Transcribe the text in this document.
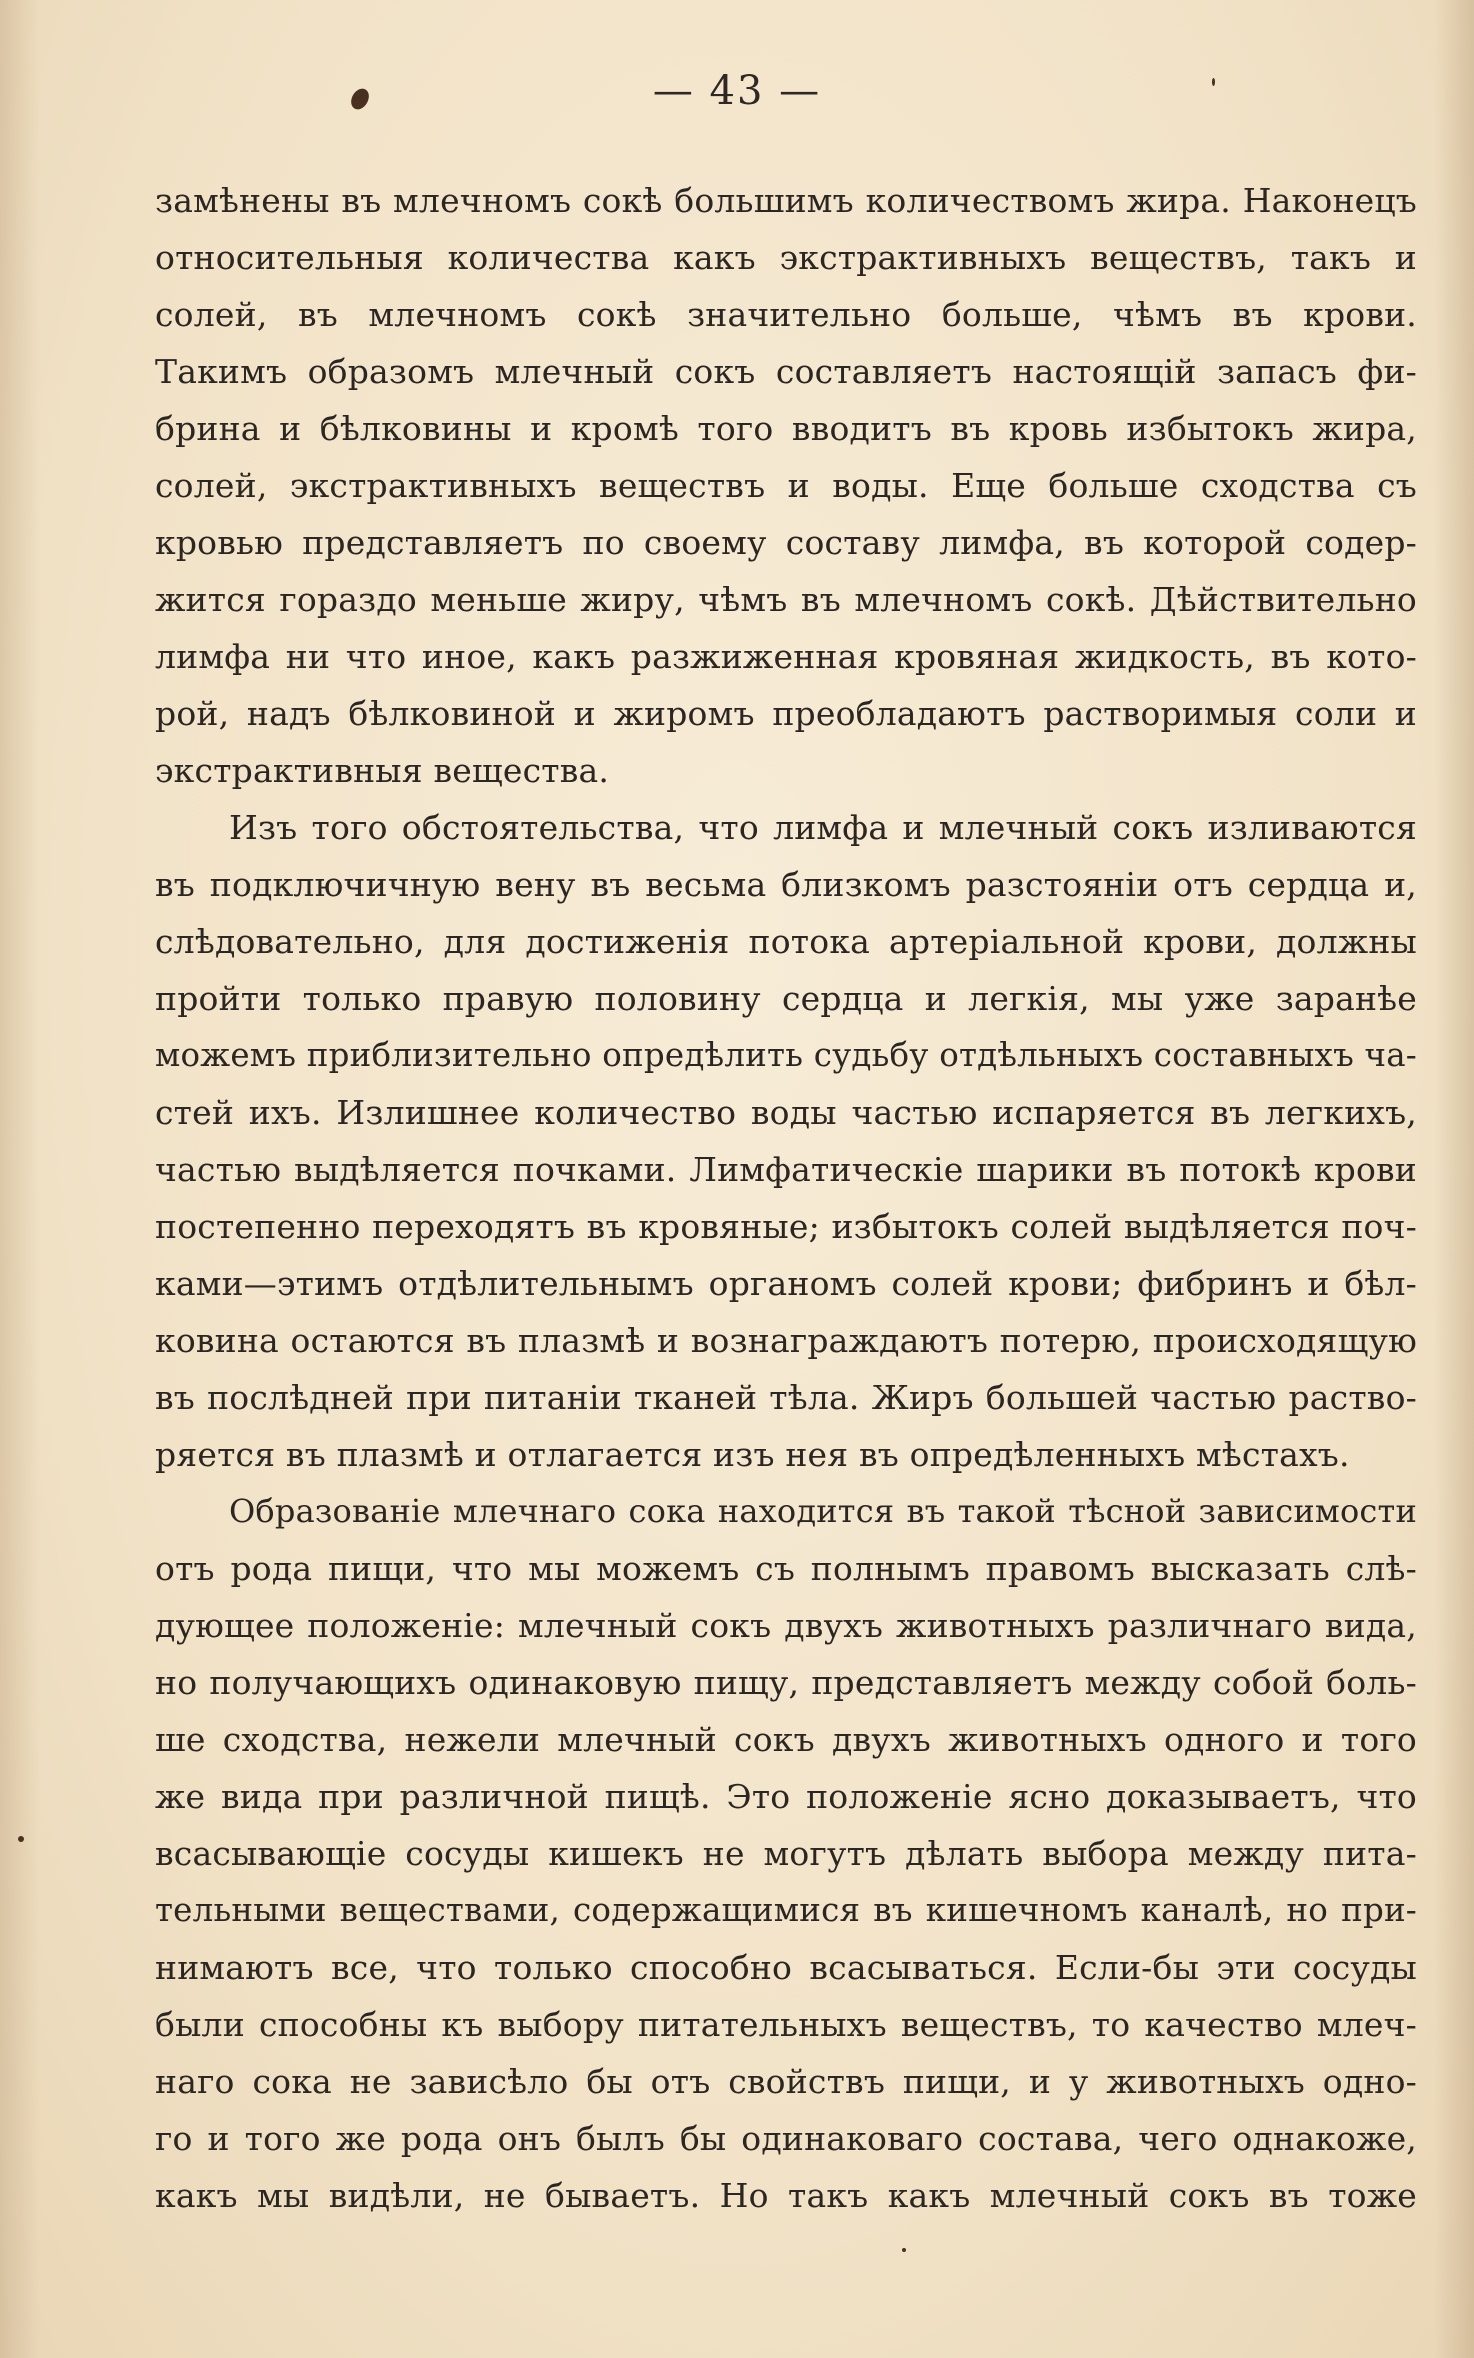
— 43 —
замѣнены въ млечномъ сокѣ большимъ количествомъ жира. Наконецъ
относительныя количества какъ экстрактивныхъ веществъ, такъ и
солей, въ млечномъ сокѣ значительно больше, чѣмъ въ крови.
Такимъ образомъ млечный сокъ составляетъ настоящій запасъ фи-
брина и бѣлковины и кромѣ того вводитъ въ кровь избытокъ жира,
солей, экстрактивныхъ веществъ и воды. Еще больше сходства съ
кровью представляетъ по своему составу лимфа, въ которой содер-
жится гораздо меньше жиру, чѣмъ въ млечномъ сокѣ. Дѣйствительно
лимфа ни что иное, какъ разжиженная кровяная жидкость, въ кото-
рой, надъ бѣлковиной и жиромъ преобладаютъ растворимыя соли и
экстрактивныя вещества.
Изъ того обстоятельства, что лимфа и млечный сокъ изливаются
въ подключичную вену въ весьма близкомъ разстояніи отъ сердца и,
слѣдовательно, для достиженія потока артеріальной крови, должны
пройти только правую половину сердца и легкія, мы уже заранѣе
можемъ приблизительно опредѣлить судьбу отдѣльныхъ составныхъ ча-
стей ихъ. Излишнее количество воды частью испаряется въ легкихъ,
частью выдѣляется почками. Лимфатическіе шарики въ потокѣ крови
постепенно переходятъ въ кровяные; избытокъ солей выдѣляется поч-
ками—этимъ отдѣлительнымъ органомъ солей крови; фибринъ и бѣл-
ковина остаются въ плазмѣ и вознаграждаютъ потерю, происходящую
въ послѣдней при питаніи тканей тѣла. Жиръ большей частью раство-
ряется въ плазмѣ и отлагается изъ нея въ опредѣленныхъ мѣстахъ.
Образованіе млечнаго сока находится въ такой тѣсной зависимости
отъ рода пищи, что мы можемъ съ полнымъ правомъ высказать слѣ-
дующее положеніе: млечный сокъ двухъ животныхъ различнаго вида,
но получающихъ одинаковую пищу, представляетъ между собой боль-
ше сходства, нежели млечный сокъ двухъ животныхъ одного и того
же вида при различной пищѣ. Это положеніе ясно доказываетъ, что
всасывающіе сосуды кишекъ не могутъ дѣлать выбора между пита-
тельными веществами, содержащимися въ кишечномъ каналѣ, но при-
нимаютъ все, что только способно всасываться. Если-бы эти сосуды
были способны къ выбору питательныхъ веществъ, то качество млеч-
наго сока не зависѣло бы отъ свойствъ пищи, и у животныхъ одно-
го и того же рода онъ былъ бы одинаковаго состава, чего однакоже,
какъ мы видѣли, не бываетъ. Но такъ какъ млечный сокъ въ тоже
